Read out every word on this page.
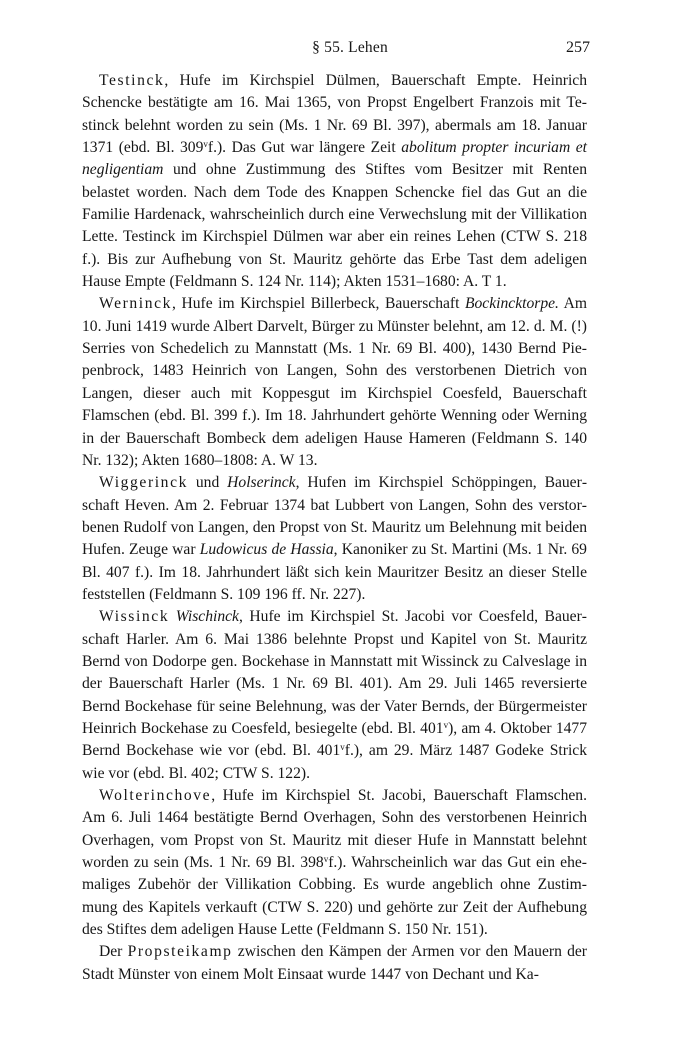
§ 55. Lehen	257

Testinck, Hufe im Kirchspiel Dülmen, Bauerschaft Empte. Heinrich Schencke bestätigte am 16. Mai 1365, von Propst Engelbert Franzois mit Testinck belehnt worden zu sein (Ms. 1 Nr. 69 Bl. 397), abermals am 18. Januar 1371 (ebd. Bl. 309$^v$f.). Das Gut war längere Zeit abolitum propter incuriam et negligentiam und ohne Zustimmung des Stiftes vom Besitzer mit Renten belastet worden. Nach dem Tode des Knappen Schencke fiel das Gut an die Familie Hardenack, wahrscheinlich durch eine Verwechslung mit der Villikation Lette. Testinck im Kirchspiel Dülmen war aber ein reines Lehen (CTW S. 218 f.). Bis zur Aufhebung von St. Mauritz gehörte das Erbe Tast dem adeligen Hause Empte (Feldmann S. 124 Nr. 114); Akten 1531–1680: A. T 1.

Werninck, Hufe im Kirchspiel Billerbeck, Bauerschaft Bockincktorpe. Am 10. Juni 1419 wurde Albert Darvelt, Bürger zu Münster belehnt, am 12. d. M. (!) Serries von Schedelich zu Mannstatt (Ms. 1 Nr. 69 Bl. 400), 1430 Bernd Piepenbrock, 1483 Heinrich von Langen, Sohn des verstorbenen Dietrich von Langen, dieser auch mit Koppesgut im Kirchspiel Coesfeld, Bauerschaft Flamschen (ebd. Bl. 399 f.). Im 18. Jahrhundert gehörte Wenning oder Werning in der Bauerschaft Bombeck dem adeligen Hause Hameren (Feldmann S. 140 Nr. 132); Akten 1680–1808: A. W 13.

Wiggerinck und Holserinck, Hufen im Kirchspiel Schöppingen, Bauerschaft Heven. Am 2. Februar 1374 bat Lubbert von Langen, Sohn des verstorbenen Rudolf von Langen, den Propst von St. Mauritz um Belehnung mit beiden Hufen. Zeuge war Ludowicus de Hassia, Kanoniker zu St. Martini (Ms. 1 Nr. 69 Bl. 407 f.). Im 18. Jahrhundert läßt sich kein Mauritzer Besitz an dieser Stelle feststellen (Feldmann S. 109 196 ff. Nr. 227).

Wissinck Wischinck, Hufe im Kirchspiel St. Jacobi vor Coesfeld, Bauerschaft Harler. Am 6. Mai 1386 belehnte Propst und Kapitel von St. Mauritz Bernd von Dodorpe gen. Bockehase in Mannstatt mit Wissinck zu Calveslage in der Bauerschaft Harler (Ms. 1 Nr. 69 Bl. 401). Am 29. Juli 1465 reversierte Bernd Bockehase für seine Belehnung, was der Vater Bernds, der Bürgermeister Heinrich Bockehase zu Coesfeld, besiegelte (ebd. Bl. 401$^v$), am 4. Oktober 1477 Bernd Bockehase wie vor (ebd. Bl. 401$^v$f.), am 29. März 1487 Godeke Strick wie vor (ebd. Bl. 402; CTW S. 122).

Wolterinchove, Hufe im Kirchspiel St. Jacobi, Bauerschaft Flamschen. Am 6. Juli 1464 bestätigte Bernd Overhagen, Sohn des verstorbenen Heinrich Overhagen, vom Propst von St. Mauritz mit dieser Hufe in Mannstatt belehnt worden zu sein (Ms. 1 Nr. 69 Bl. 398$^v$f.). Wahrscheinlich war das Gut ein ehemaliges Zubehör der Villikation Cobbing. Es wurde angeblich ohne Zustimmung des Kapitels verkauft (CTW S. 220) und gehörte zur Zeit der Aufhebung des Stiftes dem adeligen Hause Lette (Feldmann S. 150 Nr. 151).

Der Propsteikamp zwischen den Kämpen der Armen vor den Mauern der Stadt Münster von einem Molt Einsaat wurde 1447 von Dechant und Ka-
